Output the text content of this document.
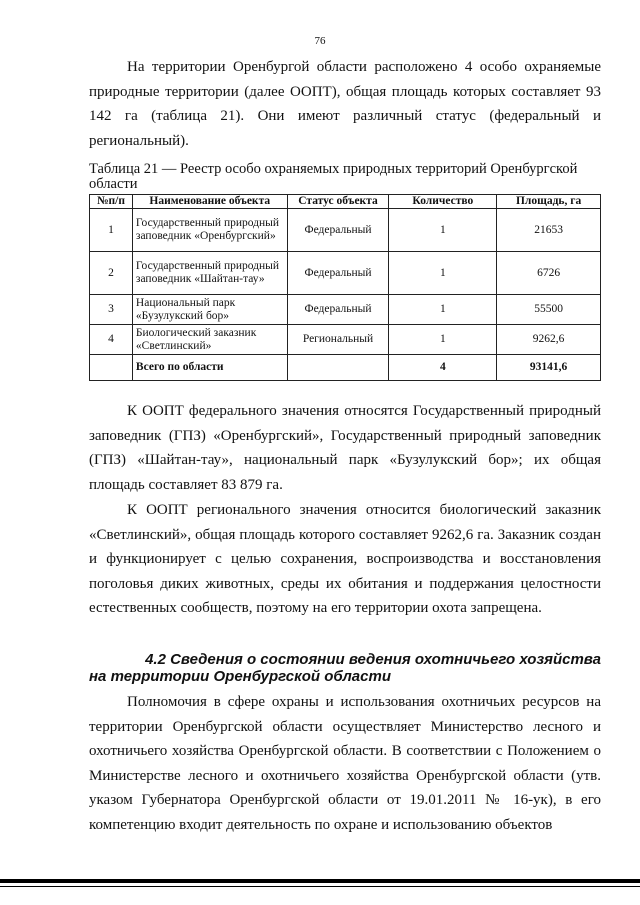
76

На территории Оренбургой области расположено 4 особо охраняемые природные территории (далее ООПТ), общая площадь которых составляет 93 142 га (таблица 21). Они имеют различный статус (федеральный и региональный).

Таблица 21 — Реестр особо охраняемых природных территорий Оренбургской области

№п/п	Наименование объекта	Статус объекта	Количество	Площадь, га
1	Государственный природный заповедник «Оренбургский»	Федеральный	1	21653
2	Государственный природный заповедник «Шайтан-тау»	Федеральный	1	6726
3	Национальный парк «Бузулукский бор»	Федеральный	1	55500
4	Биологический заказник «Светлинский»	Региональный	1	9262,6
	Всего по области		4	93141,6

К ООПТ федерального значения относятся Государственный природный заповедник (ГПЗ) «Оренбургский», Государственный природный заповедник (ГПЗ) «Шайтан-тау», национальный парк «Бузулукский бор»; их общая площадь составляет 83 879 га.

К ООПТ регионального значения относится биологический заказник «Светлинский», общая площадь которого составляет 9262,6 га. Заказник создан и функционирует с целью сохранения, воспроизводства и восстановления поголовья диких животных, среды их обитания и поддержания целостности естественных сообществ, поэтому на его территории охота запрещена.

4.2 Сведения о состоянии ведения охотничьего хозяйства
на территории Оренбургской области

Полномочия в сфере охраны и использования охотничьих ресурсов на территории Оренбургской области осуществляет Министерство лесного и охотничьего хозяйства Оренбургской области. В соответствии с Положением о Министерстве лесного и охотничьего хозяйства Оренбургской области (утв. указом Губернатора Оренбургской области от 19.01.2011 № 16-ук), в его компетенцию входит деятельность по охране и использованию объектов
